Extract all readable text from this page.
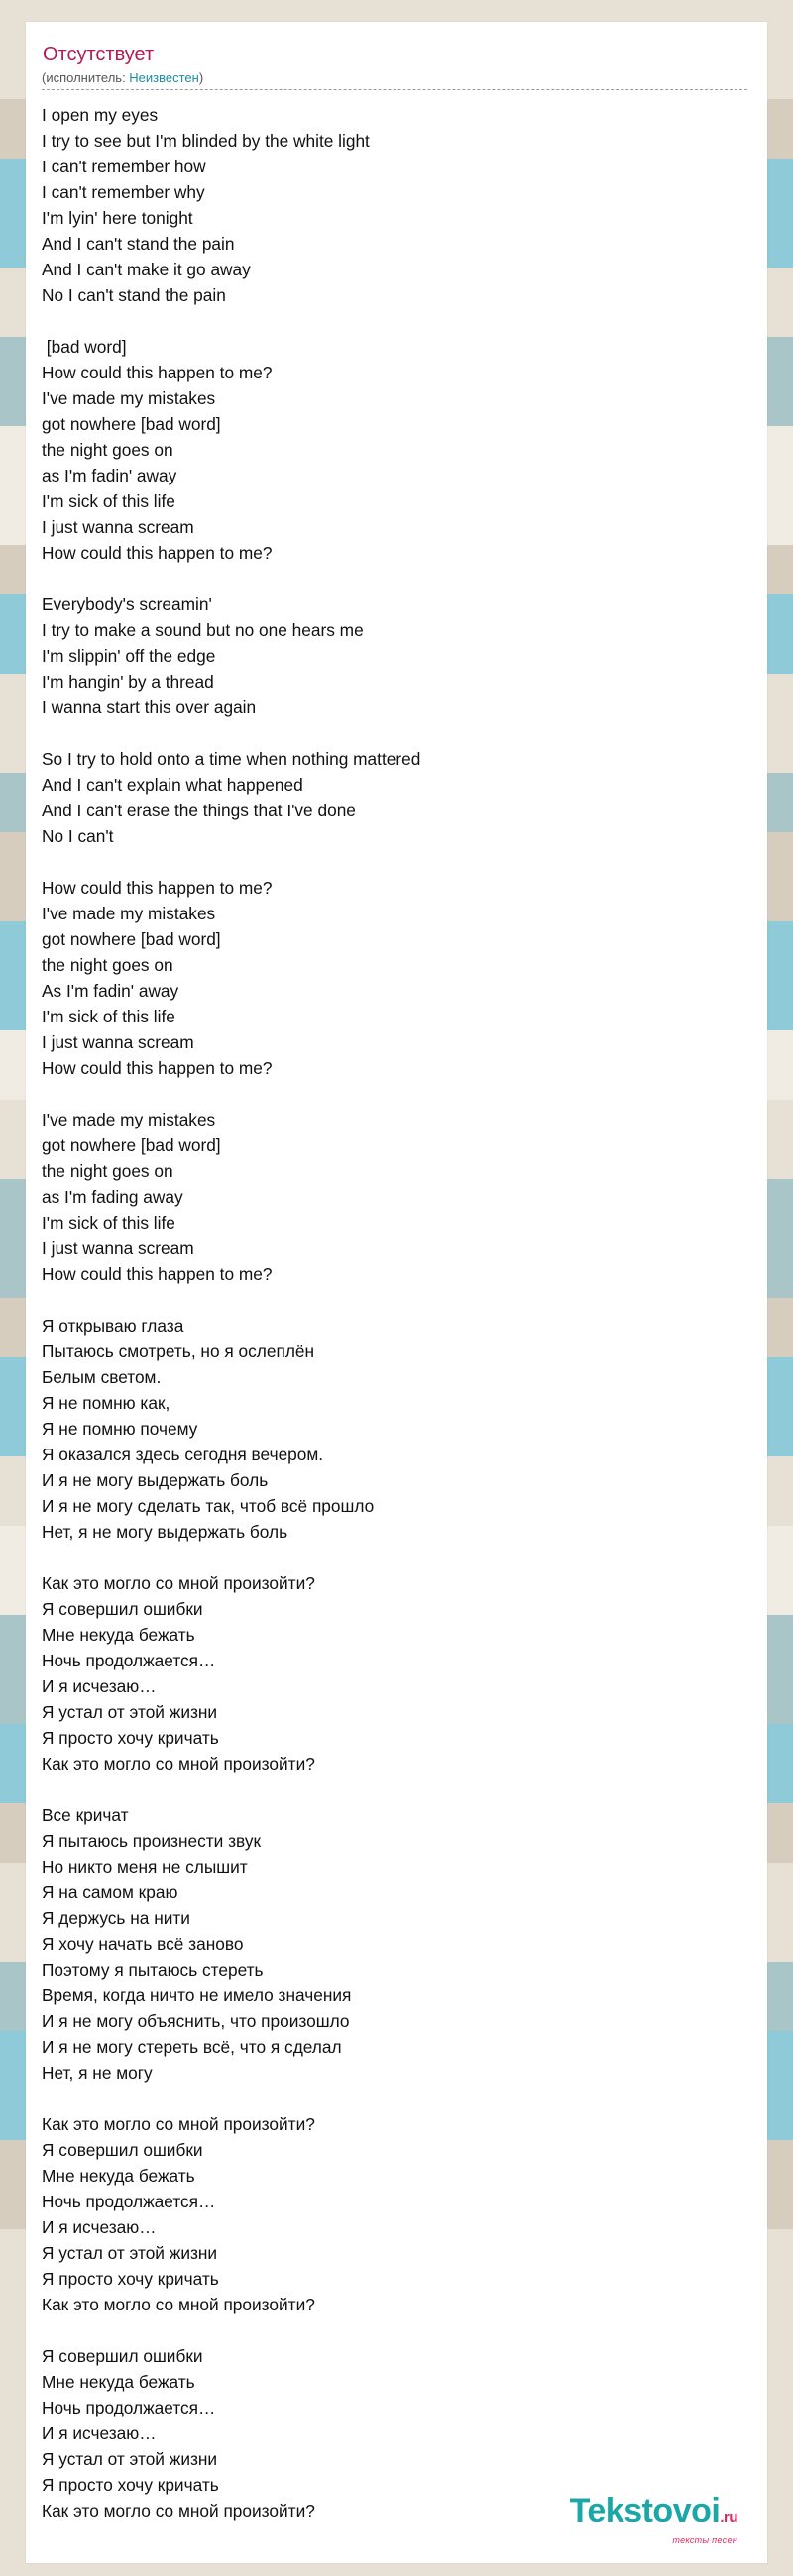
Отсутствует
(исполнитель: Неизвестен)
I open my eyes
I try to see but I'm blinded by the white light
I can't remember how
I can't remember why
I'm lyin' here tonight
And I can't stand the pain
And I can't make it go away
No I can't stand the pain
[bad word]
How could this happen to me?
I've made my mistakes
got nowhere [bad word]
the night goes on
as I'm fadin' away
I'm sick of this life
I just wanna scream
How could this happen to me?
Everybody's screamin'
I try to make a sound but no one hears me
I'm slippin' off the edge
I'm hangin' by a thread
I wanna start this over again
So I try to hold onto a time when nothing mattered
And I can't explain what happened
And I can't erase the things that I've done
No I can't
How could this happen to me?
I've made my mistakes
got nowhere [bad word]
the night goes on
As I'm fadin' away
I'm sick of this life
I just wanna scream
How could this happen to me?
I've made my mistakes
got nowhere [bad word]
the night goes on
as I'm fading away
I'm sick of this life
I just wanna scream
How could this happen to me?
Я открываю глаза
Пытаюсь смотреть, но я ослеплён
Белым светом.
Я не помню как,
Я не помню почему
Я оказался здесь сегодня вечером.
И я не могу выдержать боль
И я не могу сделать так, чтоб всё прошло
Нет, я не могу выдержать боль
Как это могло со мной произойти?
Я совершил ошибки
Мне некуда бежать
Ночь продолжается…
И я исчезаю…
Я устал от этой жизни
Я просто хочу кричать
Как это могло со мной произойти?
Все кричат
Я пытаюсь произнести звук
Но никто меня не слышит
Я на самом краю
Я держусь на нити
Я хочу начать всё заново
Поэтому я пытаюсь стереть
Время, когда ничто не имело значения
И я не могу объяснить, что произошло
И я не могу стереть всё, что я сделал
Нет, я не могу
Как это могло со мной произойти?
Я совершил ошибки
Мне некуда бежать
Ночь продолжается…
И я исчезаю…
Я устал от этой жизни
Я просто хочу кричать
Как это могло со мной произойти?
Я совершил ошибки
Мне некуда бежать
Ночь продолжается…
И я исчезаю…
Я устал от этой жизни
Я просто хочу кричать
Как это могло со мной произойти?	Tekstovoi.ru
тексты песен
